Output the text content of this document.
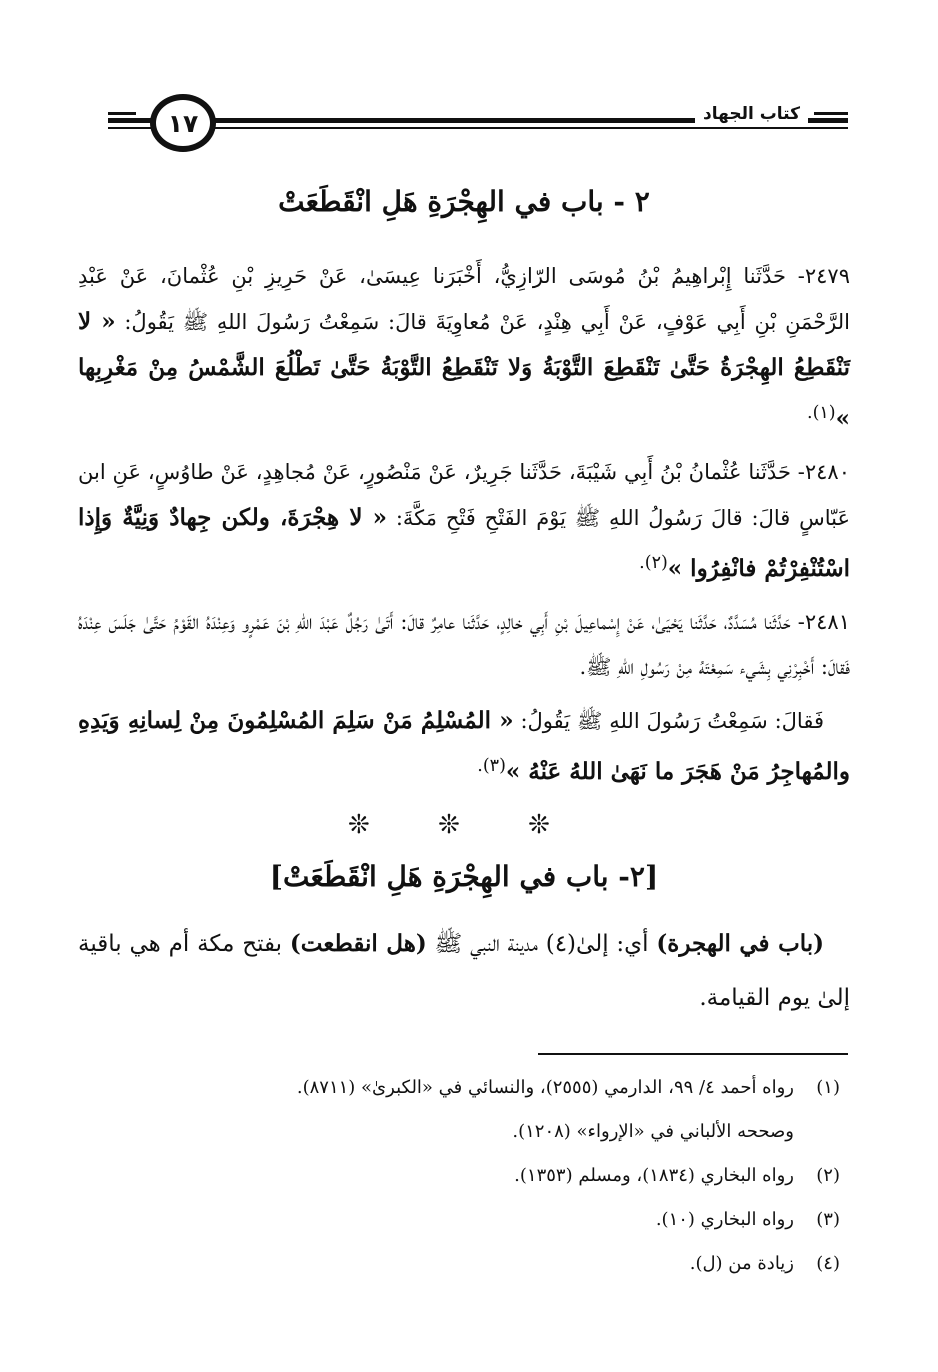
كتاب الجهاد
١٧
٢ - باب في الهِجْرَةِ هَلِ انْقَطَعَتْ

٢٤٧٩- حَدَّثَنا إِبْراهِيمُ بْنُ مُوسَى الرّازِيُّ، أَخْبَرَنا عِيسَىٰ، عَنْ حَرِيزِ بْنِ عُثْمانَ، عَنْ عَبْدِ الرَّحْمَنِ بْنِ أَبِي عَوْفٍ، عَنْ أَبِي هِنْدٍ، عَنْ مُعاوِيَةَ قالَ: سَمِعْتُ رَسُولَ اللهِ ﷺ يَقُولُ: « لا تَنْقَطِعُ الهِجْرَةُ حَتَّىٰ تَنْقَطِعَ التَّوْبَةُ وَلا تَنْقَطِعُ التَّوْبَةُ حَتَّىٰ تَطْلُعَ الشَّمْسُ مِنْ مَغْرِبِها »$^{(١).}$

٢٤٨٠- حَدَّثَنا عُثْمانُ بْنُ أَبِي شَيْبَةَ، حَدَّثَنا جَرِيرٌ، عَنْ مَنْصُورٍ، عَنْ مُجاهِدٍ، عَنْ طاوُسٍ، عَنِ ابن عَبّاسٍ قالَ: قالَ رَسُولُ اللهِ ﷺ يَوْمَ الفَتْحِ فَتْحِ مَكَّةَ: « لا هِجْرَةَ، ولكن جِهادٌ وَنِيَّةٌ وَإِذا اسْتُنْفِرْتُمْ فانْفِرُوا »$^{(٢).}$

٢٤٨١- حَدَّثَنا مُسَدَّدٌ، حَدَّثَنا يَحْيَىٰ، عَنْ إِسْماعِيلَ بْنِ أَبِي خالِدٍ، حَدَّثَنا عامِرٌ قالَ: أَتَىٰ رَجُلٌ عَبْدَ اللهِ بْنَ عَمْرٍو وَعِنْدَهُ القَوْمُ حَتَّىٰ جَلَسَ عِنْدَهُ فَقالَ: أَخْبِرْنِي بِشَيء سَمِعْتَهُ مِنْ رَسُولِ اللهِ ﷺ.

فَقالَ: سَمِعْتُ رَسُولَ اللهِ ﷺ يَقُولُ: « المُسْلِمُ مَنْ سَلِمَ المُسْلِمُونَ مِنْ لِسانِهِ وَيَدِهِ والمُهاجِرُ مَنْ هَجَرَ ما نَهَىٰ اللهُ عَنْهُ »$^{(٣).}$

❊ ❊ ❊
[٢- باب في الهِجْرَةِ هَلِ انْقَطَعَتْ]

(باب في الهجرة) أي: إلىٰ(٤) مدينة النبي ﷺ (هل انقطعت) بفتح مكة أم هي باقية إلىٰ يوم القيامة.

(١)
رواه أحمد ٤/ ٩٩، الدارمي (٢٥٥٥)، والنسائي في «الكبرىٰ» (٨٧١١).

وصححه الألباني في «الإرواء» (١٢٠٨).

(٢)
رواه البخاري (١٨٣٤)، ومسلم (١٣٥٣).

(٣)
رواه البخاري (١٠).

(٤)
زيادة من (ل).
